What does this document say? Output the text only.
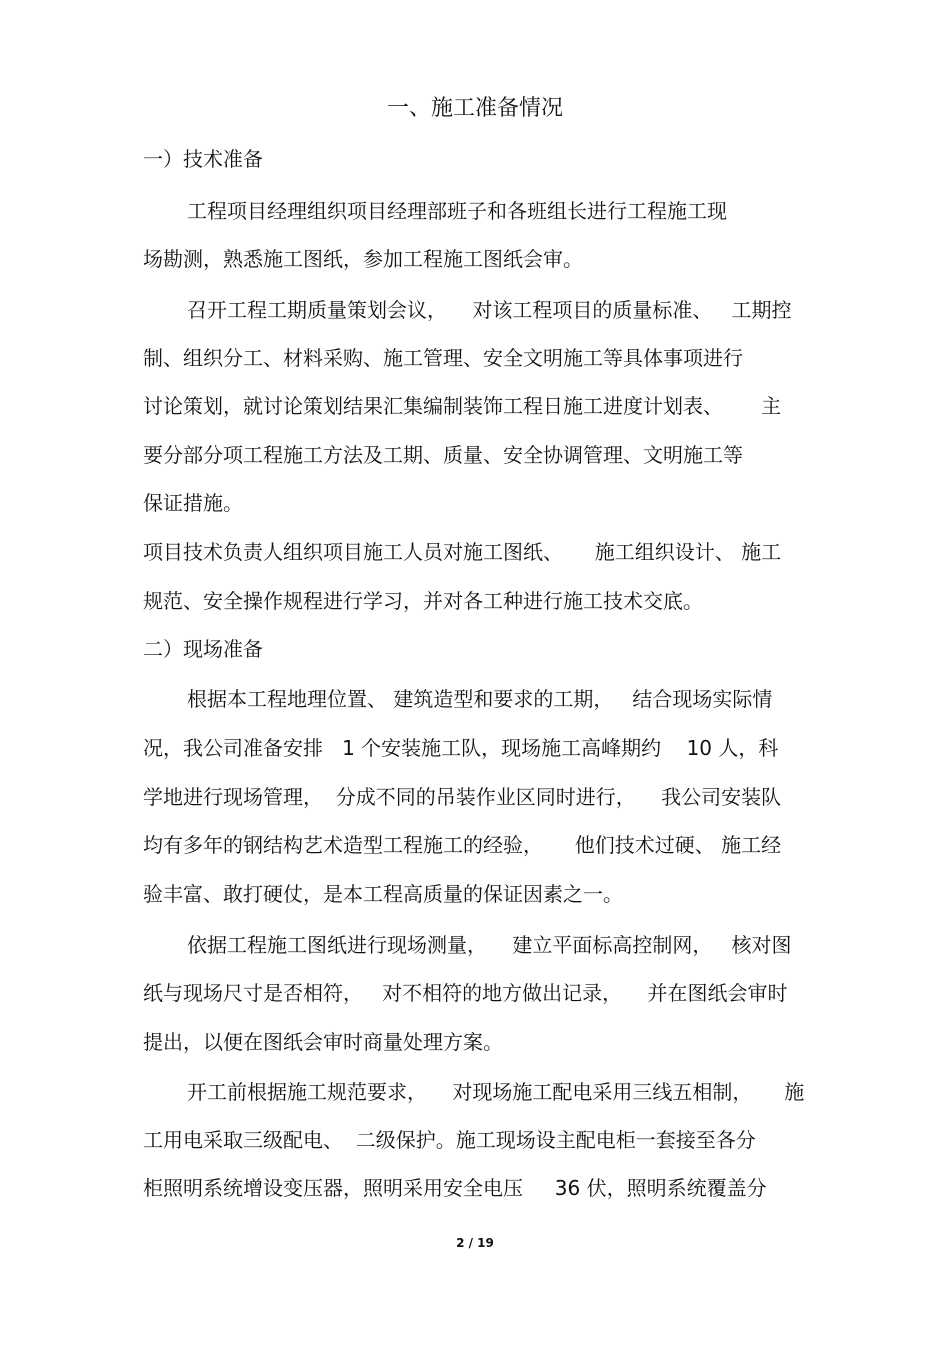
一、施工准备情况
一）技术准备
工程项目经理组织项目经理部班子和各班组长进行工程施工现
场勘测，熟悉施工图纸，参加工程施工图纸会审。
召开工程工期质量策划会议，    对该工程项目的质量标准、   工期控
制、组织分工、材料采购、施工管理、安全文明施工等具体事项进行
讨论策划，就讨论策划结果汇集编制装饰工程日施工进度计划表、      主
要分部分项工程施工方法及工期、质量、安全协调管理、文明施工等
保证措施。
项目技术负责人组织项目施工人员对施工图纸、     施工组织设计、 施工
规范、安全操作规程进行学习，并对各工种进行施工技术交底。
二）现场准备
根据本工程地理位置、 建筑造型和要求的工期，   结合现场实际情
况，我公司准备安排   1 个安装施工队，现场施工高峰期约    10 人，科
学地进行现场管理，  分成不同的吊装作业区同时进行，    我公司安装队
均有多年的钢结构艺术造型工程施工的经验，     他们技术过硬、 施工经
验丰富、敢打硬仗，是本工程高质量的保证因素之一。
依据工程施工图纸进行现场测量，    建立平面标高控制网，   核对图
纸与现场尺寸是否相符，   对不相符的地方做出记录，    并在图纸会审时
提出，以便在图纸会审时商量处理方案。
开工前根据施工规范要求，    对现场施工配电采用三线五相制，     施
工用电采取三级配电、  二级保护。施工现场设主配电柜一套接至各分
柜照明系统增设变压器，照明采用安全电压     36 伏，照明系统覆盖分
2 / 19
